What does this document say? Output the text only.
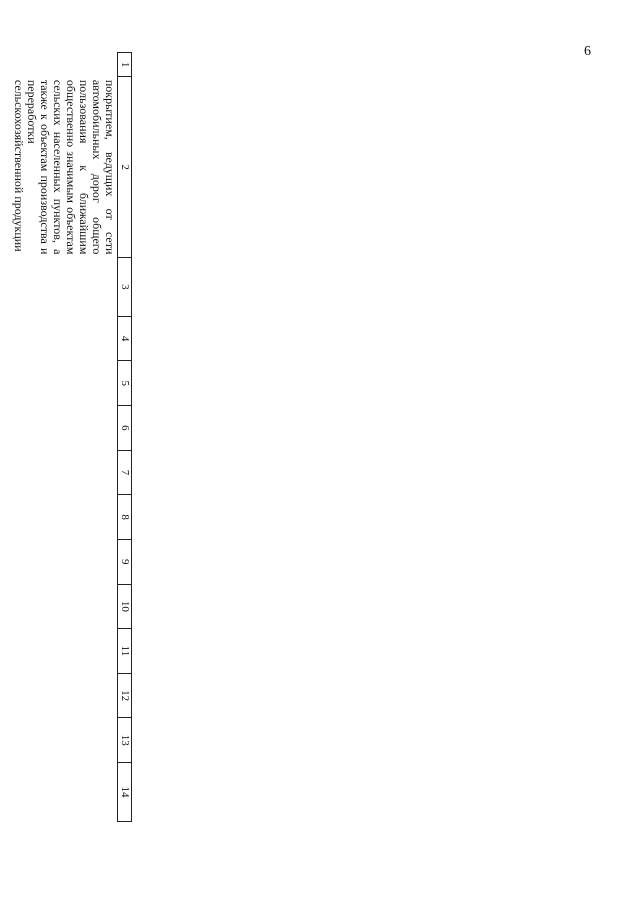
6
1	2	3	4	5	6	7	8	9	10	11	12	13	14
	покрытием, ведущих от сети автомобильных дорог общего пользования к ближайшим общественно значимым объектам сельских населенных пунктов, а также к объектам производства и переработки сельскохозяйственной продукции												
